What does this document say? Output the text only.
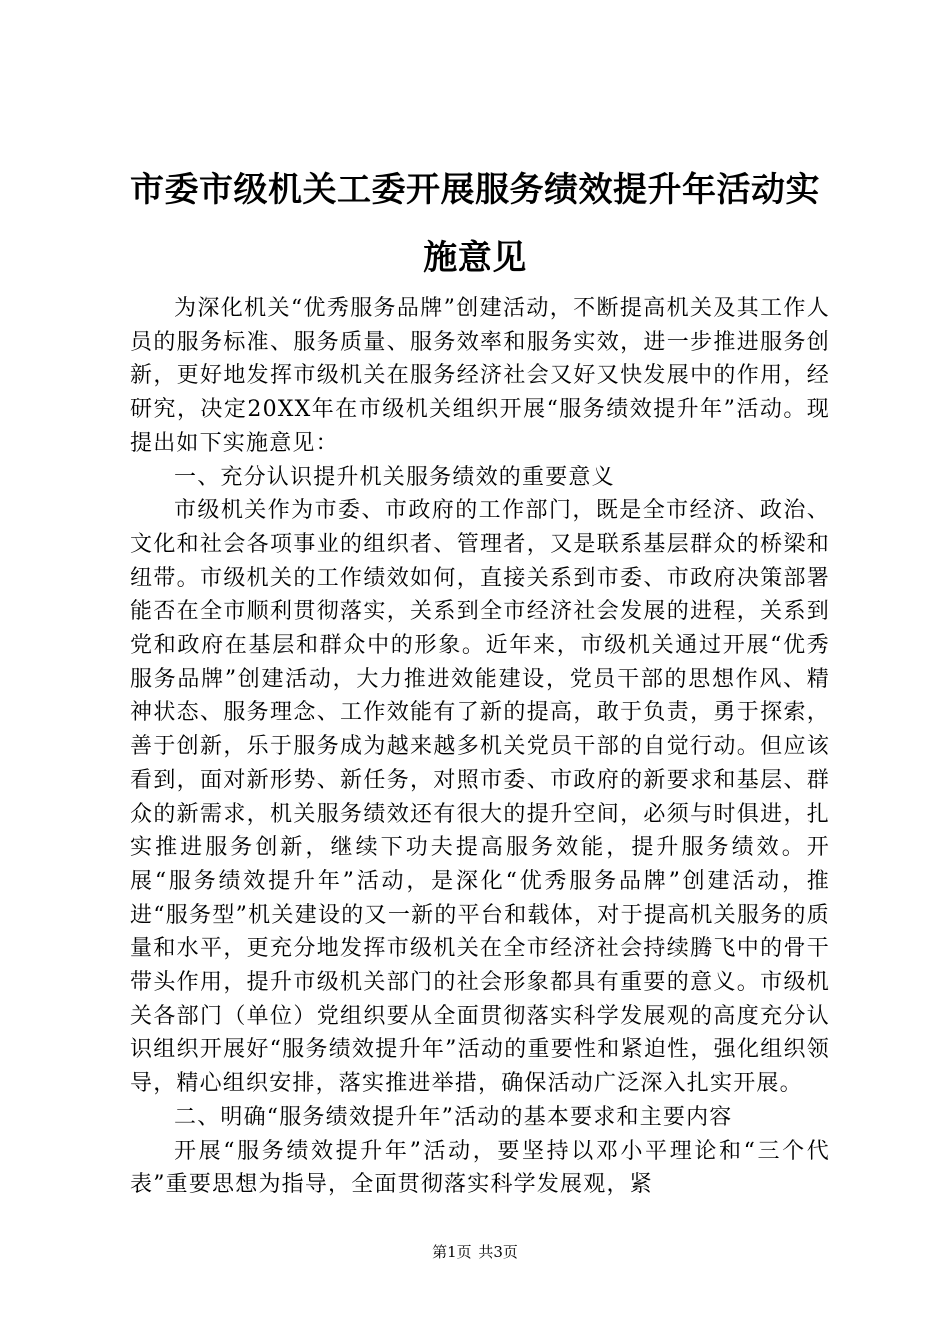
市委市级机关工委开展服务绩效提升年活动实施意见

为深化机关“优秀服务品牌”创建活动，不断提高机关及其工作人员的服务标准、服务质量、服务效率和服务实效，进一步推进服务创新，更好地发挥市级机关在服务经济社会又好又快发展中的作用，经研究，决定20XX年在市级机关组织开展“服务绩效提升年”活动。现提出如下实施意见：

一、充分认识提升机关服务绩效的重要意义

市级机关作为市委、市政府的工作部门，既是全市经济、政治、文化和社会各项事业的组织者、管理者，又是联系基层群众的桥梁和纽带。市级机关的工作绩效如何，直接关系到市委、市政府决策部署能否在全市顺利贯彻落实，关系到全市经济社会发展的进程，关系到党和政府在基层和群众中的形象。近年来，市级机关通过开展“优秀服务品牌”创建活动，大力推进效能建设，党员干部的思想作风、精神状态、服务理念、工作效能有了新的提高，敢于负责，勇于探索，善于创新，乐于服务成为越来越多机关党员干部的自觉行动。但应该看到，面对新形势、新任务，对照市委、市政府的新要求和基层、群众的新需求，机关服务绩效还有很大的提升空间，必须与时俱进，扎实推进服务创新，继续下功夫提高服务效能，提升服务绩效。开展“服务绩效提升年”活动，是深化“优秀服务品牌”创建活动，推进“服务型”机关建设的又一新的平台和载体，对于提高机关服务的质量和水平，更充分地发挥市级机关在全市经济社会持续腾飞中的骨干带头作用，提升市级机关部门的社会形象都具有重要的意义。市级机关各部门（单位）党组织要从全面贯彻落实科学发展观的高度充分认识组织开展好“服务绩效提升年”活动的重要性和紧迫性，强化组织领导，精心组织安排，落实推进举措，确保活动广泛深入扎实开展。

二、明确“服务绩效提升年”活动的基本要求和主要内容

开展“服务绩效提升年”活动，要坚持以邓小平理论和“三个代表”重要思想为指导，全面贯彻落实科学发展观，紧

第1页 共3页
